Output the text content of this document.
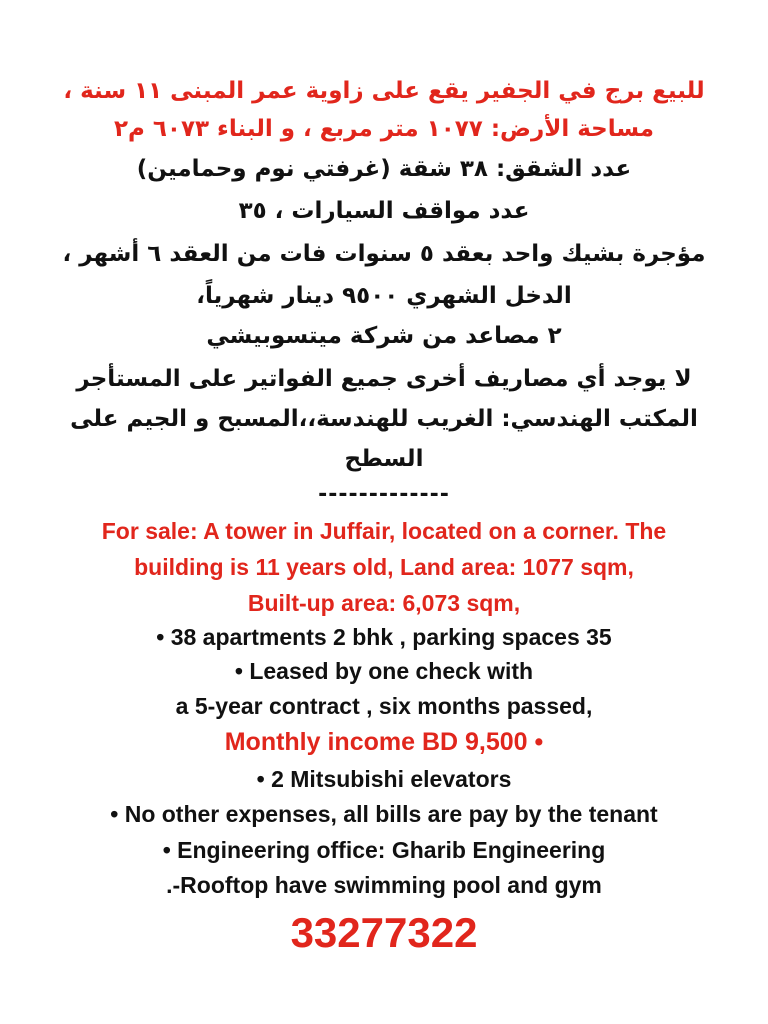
للبيع برج في الجفير يقع على زاوية عمر المبنى ١١ سنة ،
مساحة الأرض: ١٠٧٧ متر مربع ، و البناء ٦٠٧٣ م٢
عدد الشقق: ٣٨ شقة (غرفتي نوم وحمامين)
عدد مواقف السيارات ، ٣٥
مؤجرة بشيك واحد بعقد ٥ سنوات فات من العقد ٦ أشهر ،
الدخل الشهري ٩٥٠٠ دينار شهرياً،
٢ مصاعد من شركة ميتسوبيشي
لا يوجد أي مصاريف أخرى جميع الفواتير على المستأجر
المكتب الهندسي: الغريب للهندسة،،المسبح و الجيم على
السطح
-------------
For sale: A tower in Juffair, located on a corner. The
building is 11 years old, Land area: 1077 sqm,
Built-up area: 6,073 sqm,
• 38 apartments 2 bhk , parking spaces 35
• Leased by one check with
a 5-year contract , six months passed,
Monthly income BD 9,500 •
• 2 Mitsubishi elevators
• No other expenses, all bills are pay by the tenant
• Engineering office: Gharib Engineering
.-Rooftop have swimming pool and gym
33277322
